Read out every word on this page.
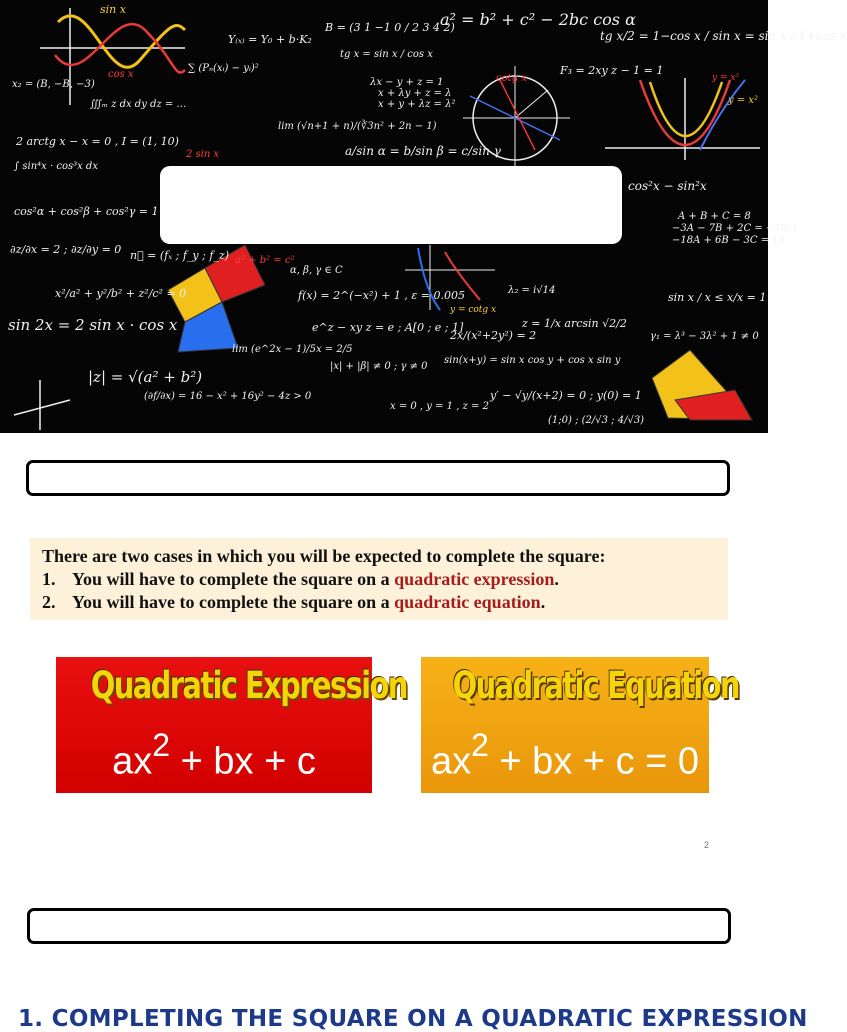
sin x
cos x
Y₍ₓ₎ = Y₀ + b·K₂
B = (3 1 −1 0 / 2 3 4 2)
a² = b² + c² − 2bc cos α
tg x/2 = 1−cos x / sin x = sin x / 1+cos x
F₃ = 2xy z − 1 = 1
∑ (Pₙ(xᵢ) − yᵢ)²
tg x = sin x / cos x
x₂ = (B, −B, −3)
∭ₘ z dx dy dz = …
λx − y + z = 1
x + λy + z = λ
x + y + λz = λ²
2 arctg x − x = 0 , I = (1, 10)
lim (√n+1 + n)/(∛3n² + 2n − 1)
a/sin α = b/sin β = c/sin γ
∫ sin⁴x · cos³x dx
cos²α + cos²β + cos²γ = 1
cos²x − sin²x
A + B + C = 8
−3A − 7B + 2C = −10,3
−18A + 6B − 3C = 15
∂z/∂x = 2 ; ∂z/∂y = 0 n⃗ = (fₓ ; f_y ; f_z) a² + b² = c²
α, β, γ ∈ C
f(x) = 2^(−x²) + 1 , ε = 0.005	λ₂ = i√14
x²/a² + y²/b² + z²/c² = 0
e^z − xy z = e ; A[0 ; e ; 1]
2x/(x²+2y²) = 2
z = 1/x arcsin √2/2
sin x / x ≤ x/x = 1
sin 2x = 2 sin x · cos x
lim (e^2x − 1)/5x = 2/5
|x| + |β| ≠ 0 ; γ ≠ 0
γ₁ = λ³ − 3λ² + 1 ≠ 0
|z| = √(a² + b²)
sin(x+y) = sin x cos y + cos x sin y
(∂f/∂x) = 16 − x² + 16y² − 4z > 0	y′ − √y/(x+2) = 0 ; y(0) = 1
x = 0 , y = 1 , z = 2
cotg x
2 sin x
y = x²
y = x³
y = cotg x
(1;0) ; (2/√3 ; 4/√3)
There are two cases in which you will be expected to complete the square:
1. You will have to complete the square on a quadratic expression.
2. You will have to complete the square on a quadratic equation.
Quadratic Expression
$ax^2$ + bx + c
Quadratic Equation
$ax^2$ + bx + c = 0
2
1. COMPLETING THE SQUARE ON A QUADRATIC EXPRESSION
